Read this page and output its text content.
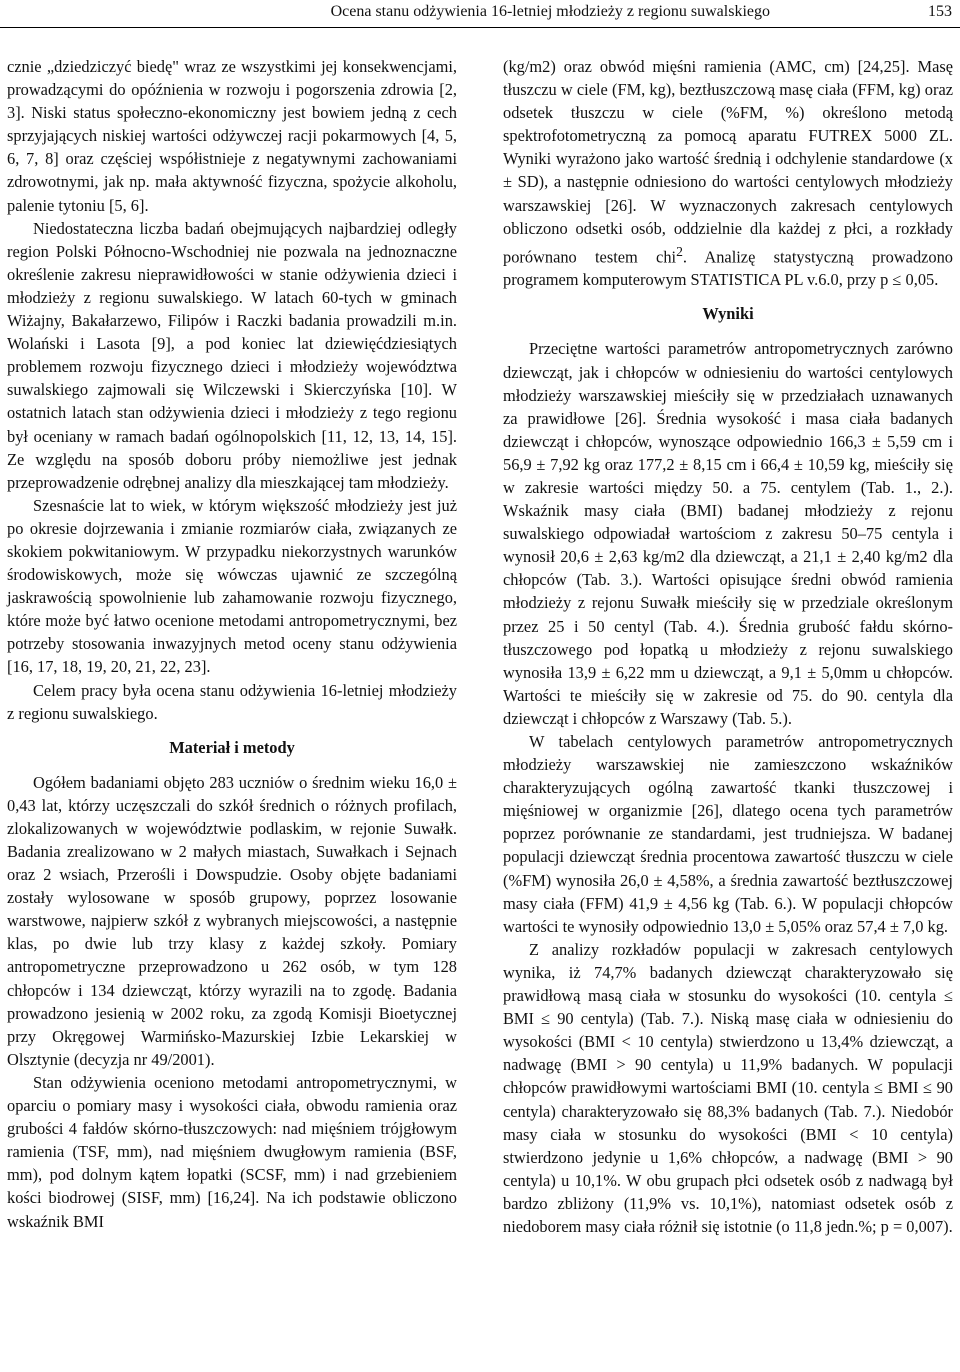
Ocena stanu odżywienia 16-letniej młodzieży z regionu suwalskiego	153

cznie „dziedziczyć biedę" wraz ze wszystkimi jej konsekwencjami, prowadzącymi do opóźnienia w rozwoju i pogorszenia zdrowia [2, 3]. Niski status społeczno-ekonomiczny jest bowiem jedną z cech sprzyjających niskiej wartości odżywczej racji pokarmowych [4, 5, 6, 7, 8] oraz częściej współistnieje z negatywnymi zachowaniami zdrowotnymi, jak np. mała aktywność fizyczna, spożycie alkoholu, palenie tytoniu [5, 6].

Niedostateczna liczba badań obejmujących najbardziej odległy region Polski Północno-Wschodniej nie pozwala na jednoznaczne określenie zakresu nieprawidłowości w stanie odżywienia dzieci i młodzieży z regionu suwalskiego. W latach 60-tych w gminach Wiżajny, Bakałarzewo, Filipów i Raczki badania prowadzili m.in. Wolański i Lasota [9], a pod koniec lat dziewięćdziesiątych problemem rozwoju fizycznego dzieci i młodzieży województwa suwalskiego zajmowali się Wilczewski i Skierczyńska [10]. W ostatnich latach stan odżywienia dzieci i młodzieży z tego regionu był oceniany w ramach badań ogólnopolskich [11, 12, 13, 14, 15]. Ze względu na sposób doboru próby niemożliwe jest jednak przeprowadzenie odrębnej analizy dla mieszkającej tam młodzieży.

Szesnaście lat to wiek, w którym większość młodzieży jest już po okresie dojrzewania i zmianie rozmiarów ciała, związanych ze skokiem pokwitaniowym. W przypadku niekorzystnych warunków środowiskowych, może się wówczas ujawnić ze szczególną jaskrawością spowolnienie lub zahamowanie rozwoju fizycznego, które może być łatwo ocenione metodami antropometrycznymi, bez potrzeby stosowania inwazyjnych metod oceny stanu odżywienia [16, 17, 18, 19, 20, 21, 22, 23].

Celem pracy była ocena stanu odżywienia 16-letniej młodzieży z regionu suwalskiego.

Materiał i metody

Ogółem badaniami objęto 283 uczniów o średnim wieku 16,0 ± 0,43 lat, którzy uczęszczali do szkół średnich o różnych profilach, zlokalizowanych w województwie podlaskim, w rejonie Suwałk. Badania zrealizowano w 2 małych miastach, Suwałkach i Sejnach oraz 2 wsiach, Przerośli i Dowspudzie. Osoby objęte badaniami zostały wylosowane w sposób grupowy, poprzez losowanie warstwowe, najpierw szkół z wybranych miejscowości, a następnie klas, po dwie lub trzy klasy z każdej szkoły. Pomiary antropometryczne przeprowadzono u 262 osób, w tym 128 chłopców i 134 dziewcząt, którzy wyrazili na to zgodę. Badania prowadzono jesienią w 2002 roku, za zgodą Komisji Bioetycznej przy Okręgowej Warmińsko-Mazurskiej Izbie Lekarskiej w Olsztynie (decyzja nr 49/2001).

Stan odżywienia oceniono metodami antropometrycznymi, w oparciu o pomiary masy i wysokości ciała, obwodu ramienia oraz grubości 4 fałdów skórno-tłuszczowych: nad mięśniem trójgłowym ramienia (TSF, mm), nad mięśniem dwugłowym ramienia (BSF, mm), pod dolnym kątem łopatki (SCSF, mm) i nad grzebieniem kości biodrowej (SISF, mm) [16,24]. Na ich podstawie obliczono wskaźnik BMI

(kg/m2) oraz obwód mięśni ramienia (AMC, cm) [24,25]. Masę tłuszczu w ciele (FM, kg), beztłuszczową masę ciała (FFM, kg) oraz odsetek tłuszczu w ciele (%FM, %) określono metodą spektrofotometryczną za pomocą aparatu FUTREX 5000 ZL. Wyniki wyrażono jako wartość średnią i odchylenie standardowe (x ± SD), a następnie odniesiono do wartości centylowych młodzieży warszawskiej [26]. W wyznaczonych zakresach centylowych obliczono odsetki osób, oddzielnie dla każdej z płci, a rozkłady porównano testem chi$^2$. Analizę statystyczną prowadzono programem komputerowym STATISTICA PL v.6.0, przy p ≤ 0,05.

Wyniki

Przeciętne wartości parametrów antropometrycznych zarówno dziewcząt, jak i chłopców w odniesieniu do wartości centylowych młodzieży warszawskiej mieściły się w przedziałach uznawanych za prawidłowe [26]. Średnia wysokość i masa ciała badanych dziewcząt i chłopców, wynoszące odpowiednio 166,3 ± 5,59 cm i 56,9 ± 7,92 kg oraz 177,2 ± 8,15 cm i 66,4 ± 10,59 kg, mieściły się w zakresie wartości między 50. a 75. centylem (Tab. 1., 2.). Wskaźnik masy ciała (BMI) badanej młodzieży z rejonu suwalskiego odpowiadał wartościom z zakresu 50–75 centyla i wynosił 20,6 ± 2,63 kg/m2 dla dziewcząt, a 21,1 ± 2,40 kg/m2 dla chłopców (Tab. 3.). Wartości opisujące średni obwód ramienia młodzieży z rejonu Suwałk mieściły się w przedziale określonym przez 25 i 50 centyl (Tab. 4.). Średnia grubość fałdu skórno-tłuszczowego pod łopatką u młodzieży z rejonu suwalskiego wynosiła 13,9 ± 6,22 mm u dziewcząt, a 9,1 ± 5,0mm u chłopców. Wartości te mieściły się w zakresie od 75. do 90. centyla dla dziewcząt i chłopców z Warszawy (Tab. 5.).

W tabelach centylowych parametrów antropometrycznych młodzieży warszawskiej nie zamieszczono wskaźników charakteryzujących ogólną zawartość tkanki tłuszczowej i mięśniowej w organizmie [26], dlatego ocena tych parametrów poprzez porównanie ze standardami, jest trudniejsza. W badanej populacji dziewcząt średnia procentowa zawartość tłuszczu w ciele (%FM) wynosiła 26,0 ± 4,58%, a średnia zawartość beztłuszczowej masy ciała (FFM) 41,9 ± 4,56 kg (Tab. 6.). W populacji chłopców wartości te wynosiły odpowiednio 13,0 ± 5,05% oraz 57,4 ± 7,0 kg.

Z analizy rozkładów populacji w zakresach centylowych wynika, iż 74,7% badanych dziewcząt charakteryzowało się prawidłową masą ciała w stosunku do wysokości (10. centyla ≤ BMI ≤ 90 centyla) (Tab. 7.). Niską masę ciała w odniesieniu do wysokości (BMI < 10 centyla) stwierdzono u 13,4% dziewcząt, a nadwagę (BMI > 90 centyla) u 11,9% badanych. W populacji chłopców prawidłowymi wartościami BMI (10. centyla ≤ BMI ≤ 90 centyla) charakteryzowało się 88,3% badanych (Tab. 7.). Niedobór masy ciała w stosunku do wysokości (BMI < 10 centyla) stwierdzono jedynie u 1,6% chłopców, a nadwagę (BMI > 90 centyla) u 10,1%. W obu grupach płci odsetek osób z nadwagą był bardzo zbliżony (11,9% vs. 10,1%), natomiast odsetek osób z niedoborem masy ciała różnił się istotnie (o 11,8 jedn.%; p = 0,007).
